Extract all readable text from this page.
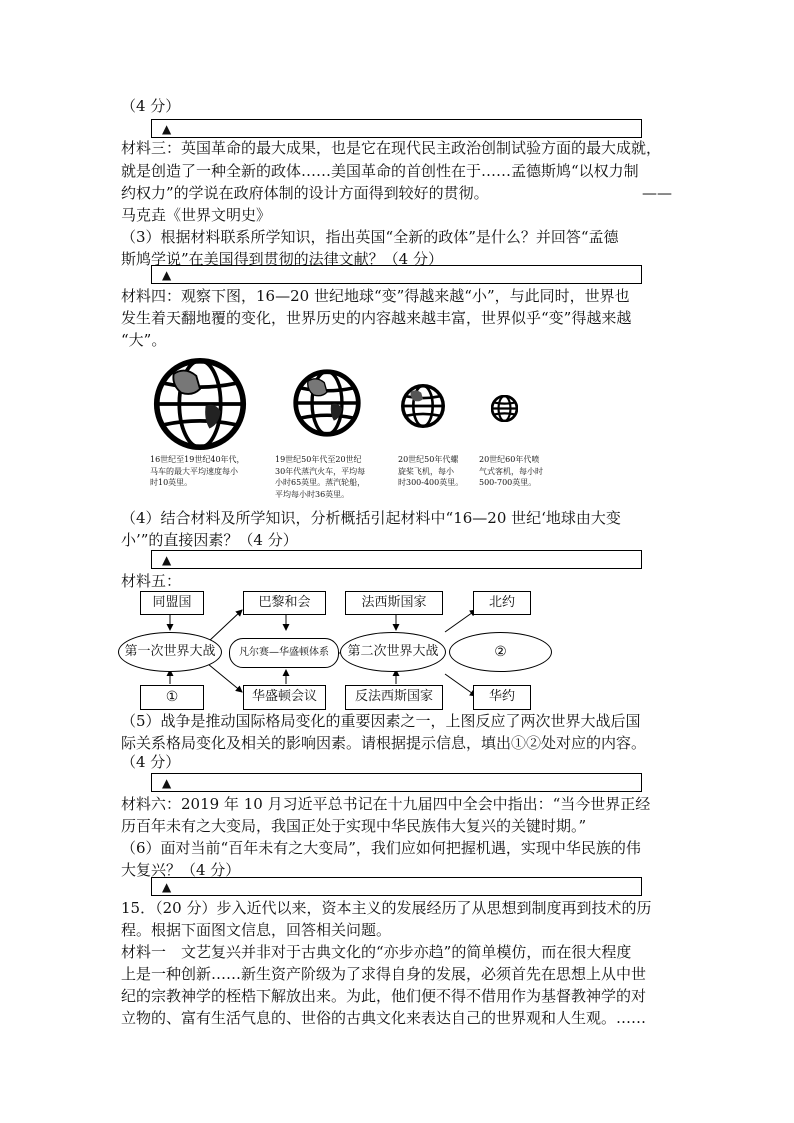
（4 分）
▲
材料三：英国革命的最大成果，也是它在现代民主政治创制试验方面的最大成就，
就是创造了一种全新的政体……美国革命的首创性在于……孟德斯鸠“以权力制
约权力”的学说在政府体制的设计方面得到较好的贯彻。	——
马克垚《世界文明史》
（3）根据材料联系所学知识，指出英国“全新的政体”是什么？并回答“孟德
斯鸠学说”在美国得到贯彻的法律文献？（4 分）
▲
材料四：观察下图，16—20 世纪地球“变”得越来越“小”，与此同时，世界也
发生着天翻地覆的变化，世界历史的内容越来越丰富，世界似乎“变”得越来越
“大”。
16世纪至19世纪40年代，
马车的最大平均速度每小
时10英里。
19世纪50年代至20世纪
30年代蒸汽火车，平均每
小时65英里。蒸汽轮船，
平均每小时36英里。
20世纪50年代螺
旋桨飞机，每小
时300-400英里。
20世纪60年代喷
气式客机，每小时
500-700英里。
（4）结合材料及所学知识，分析概括引起材料中“16—20 世纪‘地球由大变
小’”的直接因素？（4 分）
▲
材料五：
同盟国	巴黎和会	法西斯国家	北约
第一次世界大战	凡尔赛—华盛顿体系	第二次世界大战	②
①	华盛顿会议	反法西斯国家	华约
（5）战争是推动国际格局变化的重要因素之一，上图反应了两次世界大战后国
际关系格局变化及相关的影响因素。请根据提示信息，填出①②处对应的内容。
（4 分）
▲
材料六：2019 年 10 月习近平总书记在十九届四中全会中指出：“当今世界正经
历百年未有之大变局，我国正处于实现中华民族伟大复兴的关键时期。”
（6）面对当前“百年未有之大变局”，我们应如何把握机遇，实现中华民族的伟
大复兴？（4 分）
▲
15．（20 分）步入近代以来，资本主义的发展经历了从思想到制度再到技术的历
程。根据下面图文信息，回答相关问题。
材料一　文艺复兴并非对于古典文化的“亦步亦趋”的简单模仿，而在很大程度
上是一种创新……新生资产阶级为了求得自身的发展，必须首先在思想上从中世
纪的宗教神学的桎梏下解放出来。为此，他们便不得不借用作为基督教神学的对
立物的、富有生活气息的、世俗的古典文化来表达自己的世界观和人生观。……
